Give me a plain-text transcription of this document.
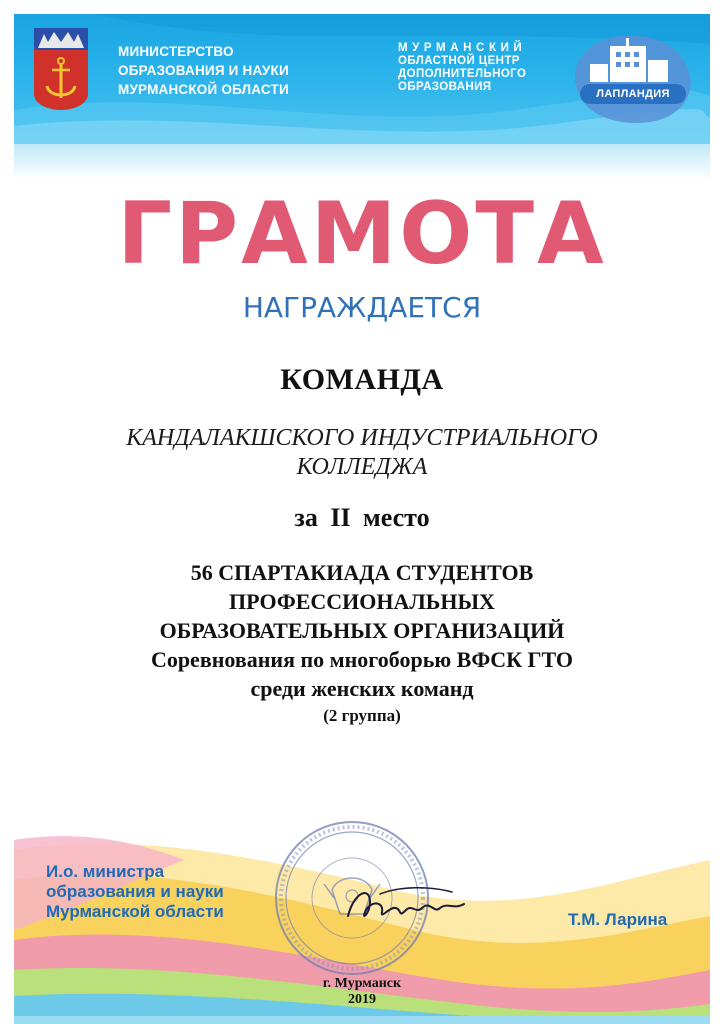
МИНИСТЕРСТВО
ОБРАЗОВАНИЯ И НАУКИ
МУРМАНСКОЙ ОБЛАСТИ
МУРМАНСКИЙ
ОБЛАСТНОЙ ЦЕНТР
ДОПОЛНИТЕЛЬНОГО
ОБРАЗОВАНИЯ
ЛАПЛАНДИЯ
ГРАМОТА
НАГРАЖДАЕТСЯ
КОМАНДА
КАНДАЛАКШСКОГО ИНДУСТРИАЛЬНОГО
КОЛЛЕДЖА
за II место
56 СПАРТАКИАДА СТУДЕНТОВ
ПРОФЕССИОНАЛЬНЫХ
ОБРАЗОВАТЕЛЬНЫХ ОРГАНИЗАЦИЙ
Соревнования по многоборью ВФСК ГТО
среди женских команд
(2 группа)
И.о. министра
образования и науки
Мурманской области	Т.М. Ларина
г. Мурманск
2019
